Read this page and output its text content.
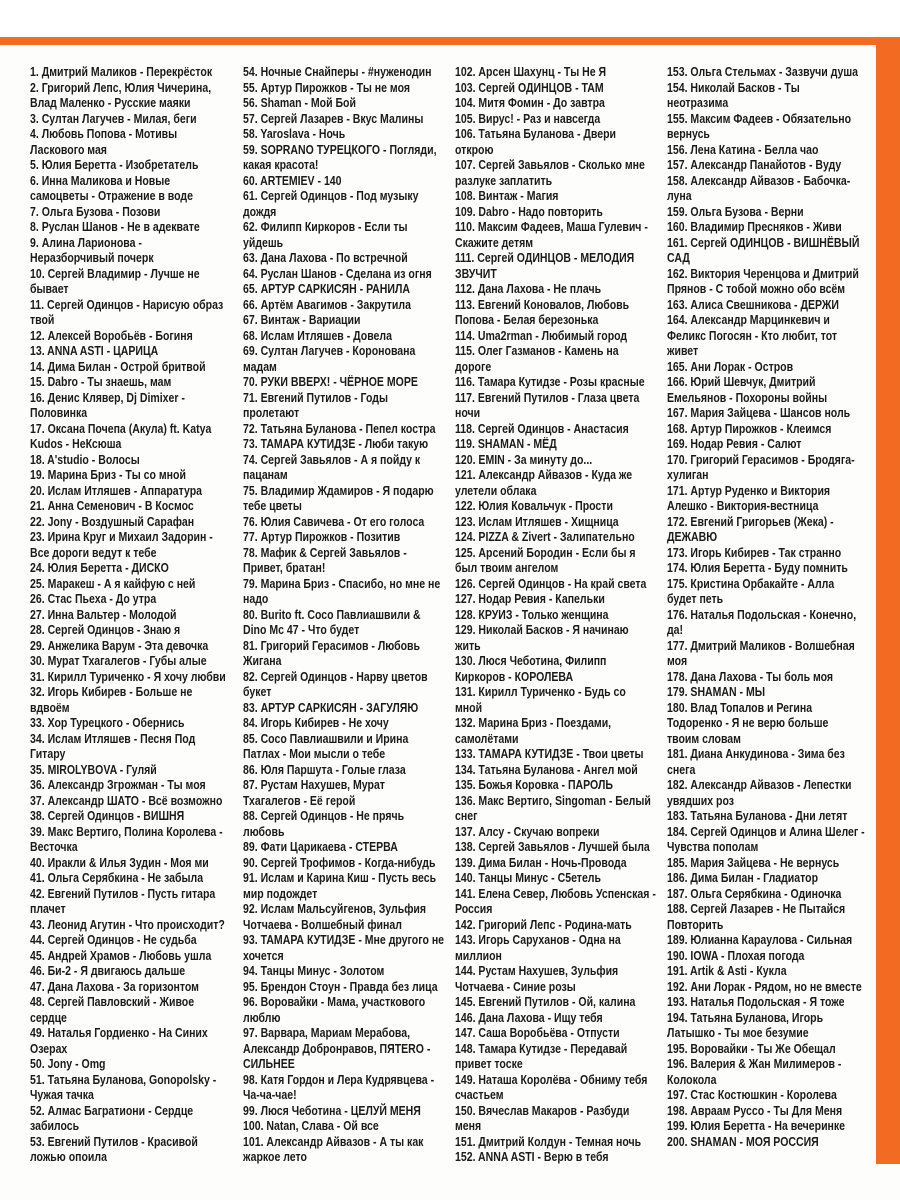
1. Дмитрий Маликов - Перекрёсток
2. Григорий Лепс, Юлия Чичерина,
Влад Маленко - Русские маяки
3. Султан Лагучев - Милая, беги
4. Любовь Попова - Мотивы
Ласкового мая
5. Юлия Беретта - Изобретатель
6. Инна Маликова и Новые
самоцветы - Отражение в воде
7. Ольга Бузова - Позови
8. Руслан Шанов - Не в адеквате
9. Алина Ларионова -
Неразборчивый почерк
10. Сергей Владимир - Лучше не
бывает
11. Сергей Одинцов - Нарисую образ
твой
12. Алексей Воробьёв - Богиня
13. ANNA ASTI - ЦАРИЦА
14. Дима Билан - Острой бритвой
15. Dabro - Ты знаешь, мам
16. Денис Клявер, Dj Dimixer -
Половинка
17. Оксана Почепа (Акула) ft. Katya
Kudos - НеКсюша
18. A'studio - Волосы
19. Марина Бриз - Ты со мной
20. Ислам Итляшев - Аппаратура
21. Анна Семенович - В Космос
22. Jony - Воздушный Сарафан
23. Ирина Круг и Михаил Задорин -
Все дороги ведут к тебе
24. Юлия Беретта - ДИСКО
25. Маракеш - А я кайфую с ней
26. Стас Пьеха - До утра
27. Инна Вальтер - Молодой
28. Сергей Одинцов - Знаю я
29. Анжелика Варум - Эта девочка
30. Мурат Тхагалегов - Губы алые
31. Кирилл Туриченко - Я хочу любви
32. Игорь Кибирев - Больше не
вдвоём
33. Хор Турецкого - Обернись
34. Ислам Итляшев - Песня Под
Гитару
35. MIROLYBOVA - Гуляй
36. Александр Згрожман - Ты моя
37. Александр ШАТО - Всё возможно
38. Сергей Одинцов - ВИШНЯ
39. Макс Вертиго, Полина Королева -
Весточка
40. Иракли & Илья Зудин - Моя ми
41. Ольга Серябкина - Не забыла
42. Евгений Путилов - Пусть гитара
плачет
43. Леонид Агутин - Что происходит?
44. Сергей Одинцов - Не судьба
45. Андрей Храмов - Любовь ушла
46. Би-2 - Я двигаюсь дальше
47. Дана Лахова - За горизонтом
48. Сергей Павловский - Живое
сердце
49. Наталья Гордиенко - На Синих
Озерах
50. Jony - Omg
51. Татьяна Буланова, Gonopolsky -
Чужая тачка
52. Алмас Багратиони - Сердце
забилось
53. Евгений Путилов - Красивой
ложью опоила
54. Ночные Снайперы - #нуженодин
55. Артур Пирожков - Ты не моя
56. Shaman - Мой Бой
57. Сергей Лазарев - Вкус Малины
58. Yaroslava - Ночь
59. SOPRANO ТУРЕЦКОГО - Погляди,
какая красота!
60. ARTEMIEV - 140
61. Сергей Одинцов - Под музыку
дождя
62. Филипп Киркоров - Если ты
уйдешь
63. Дана Лахова - По встречной
64. Руслан Шанов - Сделана из огня
65. АРТУР САРКИСЯН - РАНИЛА
66. Артём Авагимов - Закрутила
67. Винтаж - Вариации
68. Ислам Итляшев - Довела
69. Султан Лагучев - Коронована
мадам
70. РУКИ ВВЕРХ! - ЧЁРНОЕ МОРЕ
71. Евгений Путилов - Годы
пролетают
72. Татьяна Буланова - Пепел костра
73. ТАМАРА КУТИДЗЕ - Люби такую
74. Сергей Завьялов - А я пойду к
пацанам
75. Владимир Ждамиров - Я подарю
тебе цветы
76. Юлия Савичева - От его голоса
77. Артур Пирожков - Позитив
78. Мафик & Сергей Завьялов -
Привет, братан!
79. Марина Бриз - Спасибо, но мне не
надо
80. Burito ft. Сосо Павлиашвили &
Dino Mc 47 - Что будет
81. Григорий Герасимов - Любовь
Жигана
82. Сергей Одинцов - Нарву цветов
букет
83. АРТУР САРКИСЯН - ЗАГУЛЯЮ
84. Игорь Кибирев - Не хочу
85. Сосо Павлиашвили и Ирина
Патлах - Мои мысли о тебе
86. Юля Паршута - Голые глаза
87. Рустам Нахушев, Мурат
Тхагалегов - Её герой
88. Сергей Одинцов - Не прячь
любовь
89. Фати Царикаева - СТЕРВА
90. Сергей Трофимов - Когда-нибудь
91. Ислам и Карина Киш - Пусть весь
мир подождет
92. Ислам Мальсуйгенов, Зульфия
Чотчаева - Волшебный финал
93. ТАМАРА КУТИДЗЕ - Мне другого не
хочется
94. Танцы Минус - Золотом
95. Брендон Стоун - Правда без лица
96. Воровайки - Мама, участкового
люблю
97. Варвара, Мариам Мерабова,
Александр Добронравов, ПЯТЕRO -
СИЛЬНЕЕ
98. Катя Гордон и Лера Кудрявцева -
Ча-ча-чае!
99. Люся Чеботина - ЦЕЛУЙ МЕНЯ
100. Natan, Слава - Ой все
101. Александр Айвазов - А ты как
жаркое лето
102. Арсен Шахунц - Ты Не Я
103. Сергей ОДИНЦОВ - ТАМ
104. Митя Фомин - До завтра
105. Вирус! - Раз и навсегда
106. Татьяна Буланова - Двери
открою
107. Сергей Завьялов - Сколько мне
разлуке заплатить
108. Винтаж - Магия
109. Dabro - Надо повторить
110. Максим Фадеев, Маша Гулевич -
Скажите детям
111. Сергей ОДИНЦОВ - МЕЛОДИЯ
ЗВУЧИТ
112. Дана Лахова - Не плачь
113. Евгений Коновалов, Любовь
Попова - Белая березонька
114. Uma2rman - Любимый город
115. Олег Газманов - Камень на
дороге
116. Тамара Кутидзе - Розы красные
117. Евгений Путилов - Глаза цвета
ночи
118. Сергей Одинцов - Анастасия
119. SHAMAN - МЁД
120. EMIN - За минуту до...
121. Александр Айвазов - Куда же
улетели облака
122. Юлия Ковальчук - Прости
123. Ислам Итляшев - Хищница
124. PIZZA & Zivert - Залипательно
125. Арсений Бородин - Если бы я
был твоим ангелом
126. Сергей Одинцов - На край света
127. Нодар Ревия - Капельки
128. КРУИЗ - Только женщина
129. Николай Басков - Я начинаю
жить
130. Люся Чеботина, Филипп
Киркоров - КОРОЛЕВА
131. Кирилл Туриченко - Будь со
мной
132. Марина Бриз - Поездами,
самолётами
133. ТАМАРА КУТИДЗЕ - Твои цветы
134. Татьяна Буланова - Ангел мой
135. Божья Коровка - ПАРОЛЬ
136. Макс Вертиго, Singoman - Белый
снег
137. Алсу - Скучаю вопреки
138. Сергей Завьялов - Лучшей была
139. Дима Билан - Ночь-Провода
140. Танцы Минус - С5етель
141. Елена Север, Любовь Успенская -
Россия
142. Григорий Лепс - Родина-мать
143. Игорь Саруханов - Одна на
миллион
144. Рустам Нахушев, Зульфия
Чотчаева - Синие розы
145. Евгений Путилов - Ой, калина
146. Дана Лахова - Ищу тебя
147. Саша Воробьёва - Отпусти
148. Тамара Кутидзе - Передавай
привет тоске
149. Наташа Королёва - Обниму тебя
счастьем
150. Вячеслав Макаров - Разбуди
меня
151. Дмитрий Колдун - Темная ночь
152. ANNA ASTI - Верю в тебя
153. Ольга Стельмах - Зазвучи душа
154. Николай Басков - Ты
неотразима
155. Максим Фадеев - Обязательно
вернусь
156. Лена Катина - Белла чао
157. Александр Панайотов - Вуду
158. Александр Айвазов - Бабочка-
луна
159. Ольга Бузова - Верни
160. Владимир Пресняков - Живи
161. Сергей ОДИНЦОВ - ВИШНЁВЫЙ
САД
162. Виктория Черенцова и Дмитрий
Прянов - С тобой можно обо всём
163. Алиса Свешникова - ДЕРЖИ
164. Александр Марцинкевич и
Феликс Погосян - Кто любит, тот
живет
165. Ани Лорак - Остров
166. Юрий Шевчук, Дмитрий
Емельянов - Похороны войны
167. Мария Зайцева - Шансов ноль
168. Артур Пирожков - Клеимся
169. Нодар Ревия - Салют
170. Григорий Герасимов - Бродяга-
хулиган
171. Артур Руденко и Виктория
Алешко - Виктория-вестница
172. Евгений Григорьев (Жека) -
ДЕЖАВЮ
173. Игорь Кибирев - Так странно
174. Юлия Беретта - Буду помнить
175. Кристина Орбакайте - Алла
будет петь
176. Наталья Подольская - Конечно,
да!
177. Дмитрий Маликов - Волшебная
моя
178. Дана Лахова - Ты боль моя
179. SHAMAN - МЫ
180. Влад Топалов и Регина
Тодоренко - Я не верю больше
твоим словам
181. Диана Анкудинова - Зима без
снега
182. Александр Айвазов - Лепестки
увядших роз
183. Татьяна Буланова - Дни летят
184. Сергей Одинцов и Алина Шелег -
Чувства пополам
185. Мария Зайцева - Не вернусь
186. Дима Билан - Гладиатор
187. Ольга Серябкина - Одиночка
188. Сергей Лазарев - Не Пытайся
Повторить
189. Юлианна Караулова - Сильная
190. IOWA - Плохая погода
191. Artik & Asti - Кукла
192. Ани Лорак - Рядом, но не вместе
193. Наталья Подольская - Я тоже
194. Татьяна Буланова, Игорь
Латышко - Ты мое безумие
195. Воровайки - Ты Же Обещал
196. Валерия & Жан Милимеров -
Колокола
197. Стас Костюшкин - Королева
198. Авраам Руссо - Ты Для Меня
199. Юлия Беретта - На вечеринке
200. SHAMAN - МОЯ РОССИЯ
